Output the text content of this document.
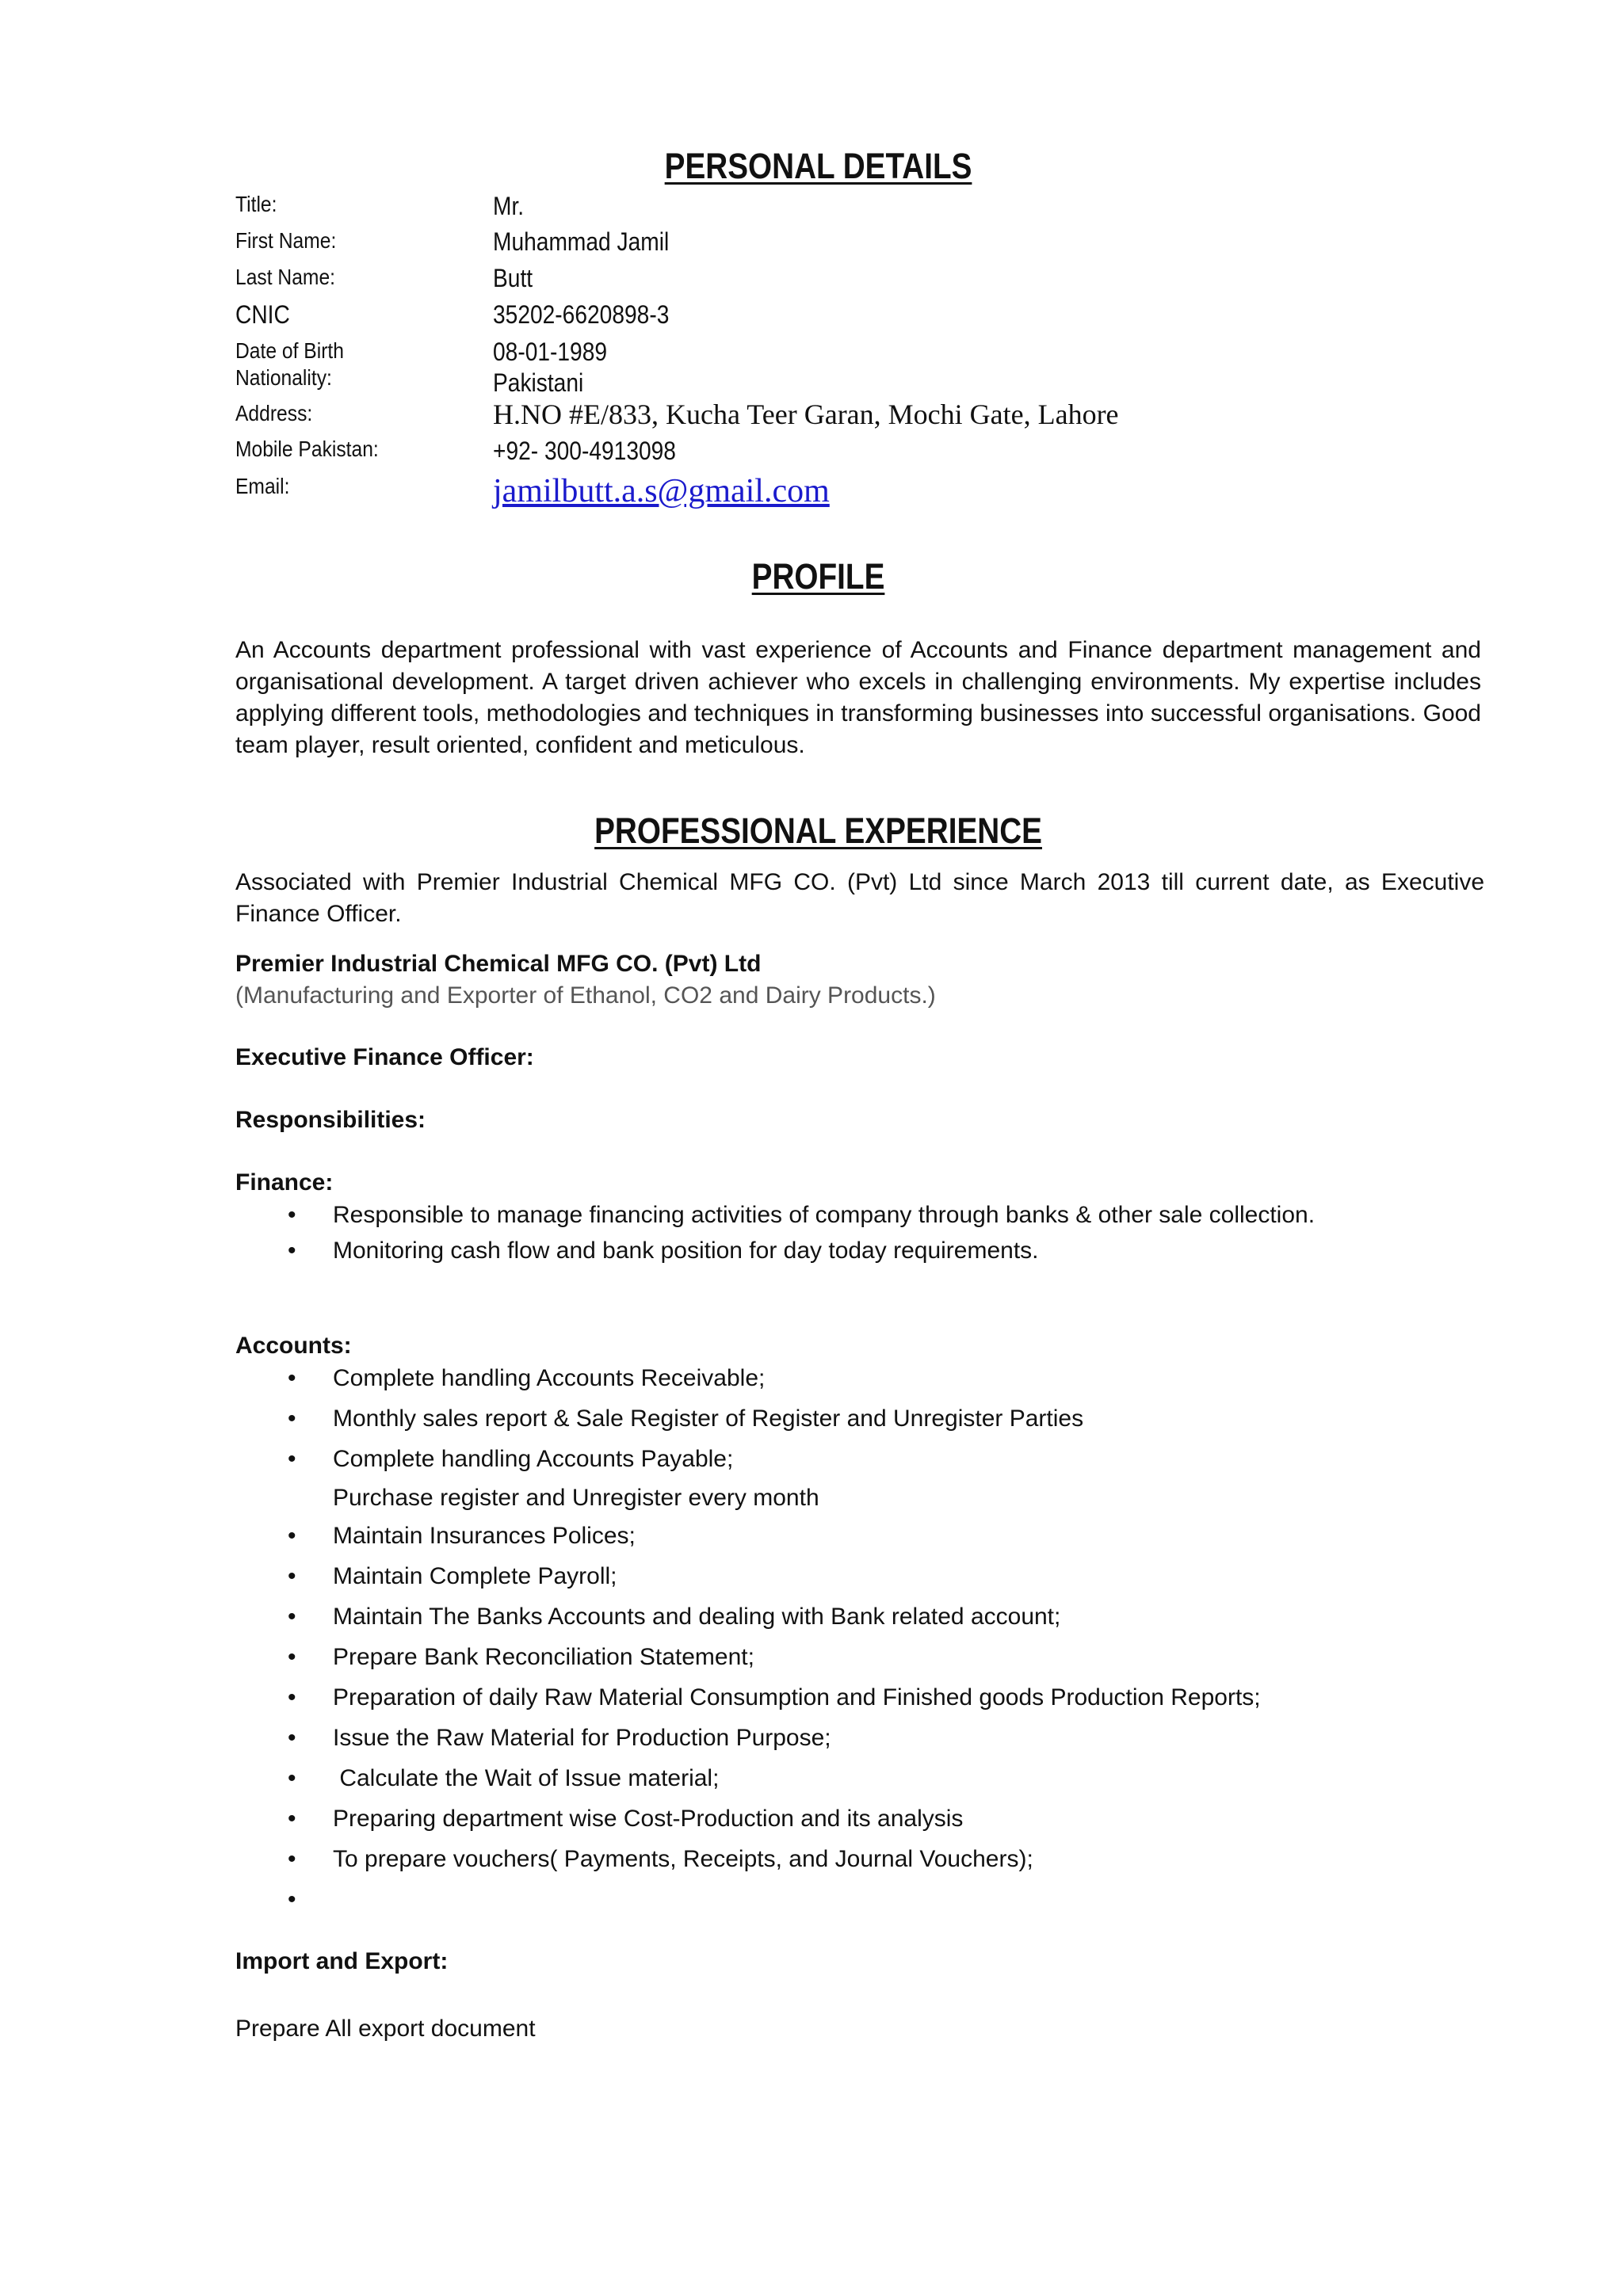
PERSONAL DETAILS
Title:	Mr.
First Name:	Muhammad Jamil
Last Name:	Butt
CNIC	35202-6620898-3
Date of Birth	08-01-1989
Nationality:	Pakistani
Address:	H.NO #E/833, Kucha Teer Garan, Mochi Gate, Lahore
Mobile Pakistan:	+92- 300-4913098
Email:	jamilbutt.a.s@gmail.com
PROFILE
An Accounts department professional with vast experience of Accounts and Finance department management and organisational development. A target driven achiever who excels in challenging environments. My expertise includes applying different tools, methodologies and techniques in transforming businesses into successful organisations. Good team player, result oriented, confident and meticulous.
PROFESSIONAL EXPERIENCE
Associated with Premier Industrial Chemical MFG CO. (Pvt) Ltd since March 2013 till current date, as Executive Finance Officer.
Premier Industrial Chemical MFG CO. (Pvt) Ltd
(Manufacturing and Exporter of Ethanol, CO2 and Dairy Products.)
Executive Finance Officer:
Responsibilities:
Finance:
• Responsible to manage financing activities of company through banks & other sale collection.
• Monitoring cash flow and bank position for day today requirements.
Accounts:
• Complete handling Accounts Receivable;
• Monthly sales report & Sale Register of Register and Unregister Parties
• Complete handling Accounts Payable;
Purchase register and Unregister every month
• Maintain Insurances Polices;
• Maintain Complete Payroll;
• Maintain The Banks Accounts and dealing with Bank related account;
• Prepare Bank Reconciliation Statement;
• Preparation of daily Raw Material Consumption and Finished goods Production Reports;
• Issue the Raw Material for Production Purpose;
• Calculate the Wait of Issue material;
• Preparing department wise Cost-Production and its analysis
• To prepare vouchers( Payments, Receipts, and Journal Vouchers);
•
Import and Export:
Prepare All export document
